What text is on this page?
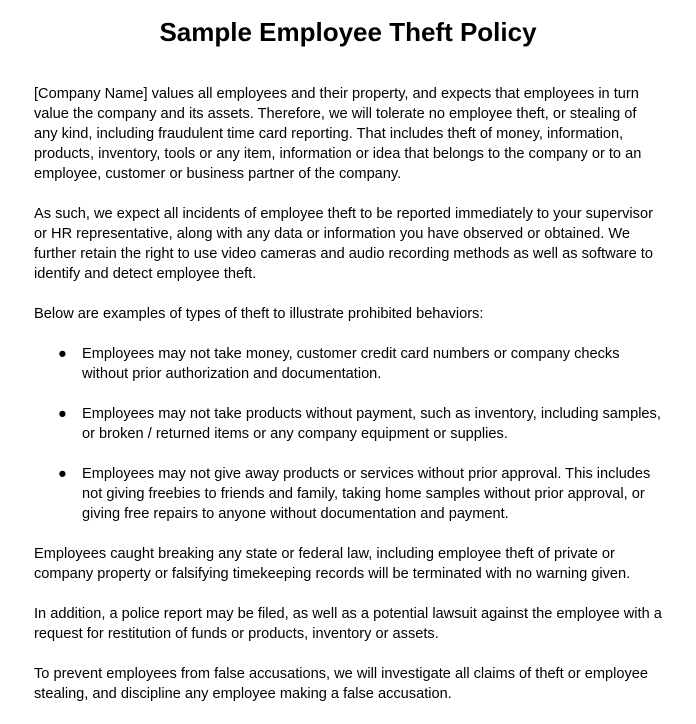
Sample Employee Theft Policy

[Company Name] values all employees and their property, and expects that employees in turn value the company and its assets. Therefore, we will tolerate no employee theft, or stealing of any kind, including fraudulent time card reporting. That includes theft of money, information, products, inventory, tools or any item, information or idea that belongs to the company or to an employee, customer or business partner of the company.

As such, we expect all incidents of employee theft to be reported immediately to your supervisor or HR representative, along with any data or information you have observed or obtained. We further retain the right to use video cameras and audio recording methods as well as software to identify and detect employee theft.

Below are examples of types of theft to illustrate prohibited behaviors:

● Employees may not take money, customer credit card numbers or company checks without prior authorization and documentation.
● Employees may not take products without payment, such as inventory, including samples, or broken / returned items or any company equipment or supplies.
● Employees may not give away products or services without prior approval. This includes not giving freebies to friends and family, taking home samples without prior approval, or giving free repairs to anyone without documentation and payment.

Employees caught breaking any state or federal law, including employee theft of private or company property or falsifying timekeeping records will be terminated with no warning given.

In addition, a police report may be filed, as well as a potential lawsuit against the employee with a request for restitution of funds or products, inventory or assets.

To prevent employees from false accusations, we will investigate all claims of theft or employee stealing, and discipline any employee making a false accusation.
